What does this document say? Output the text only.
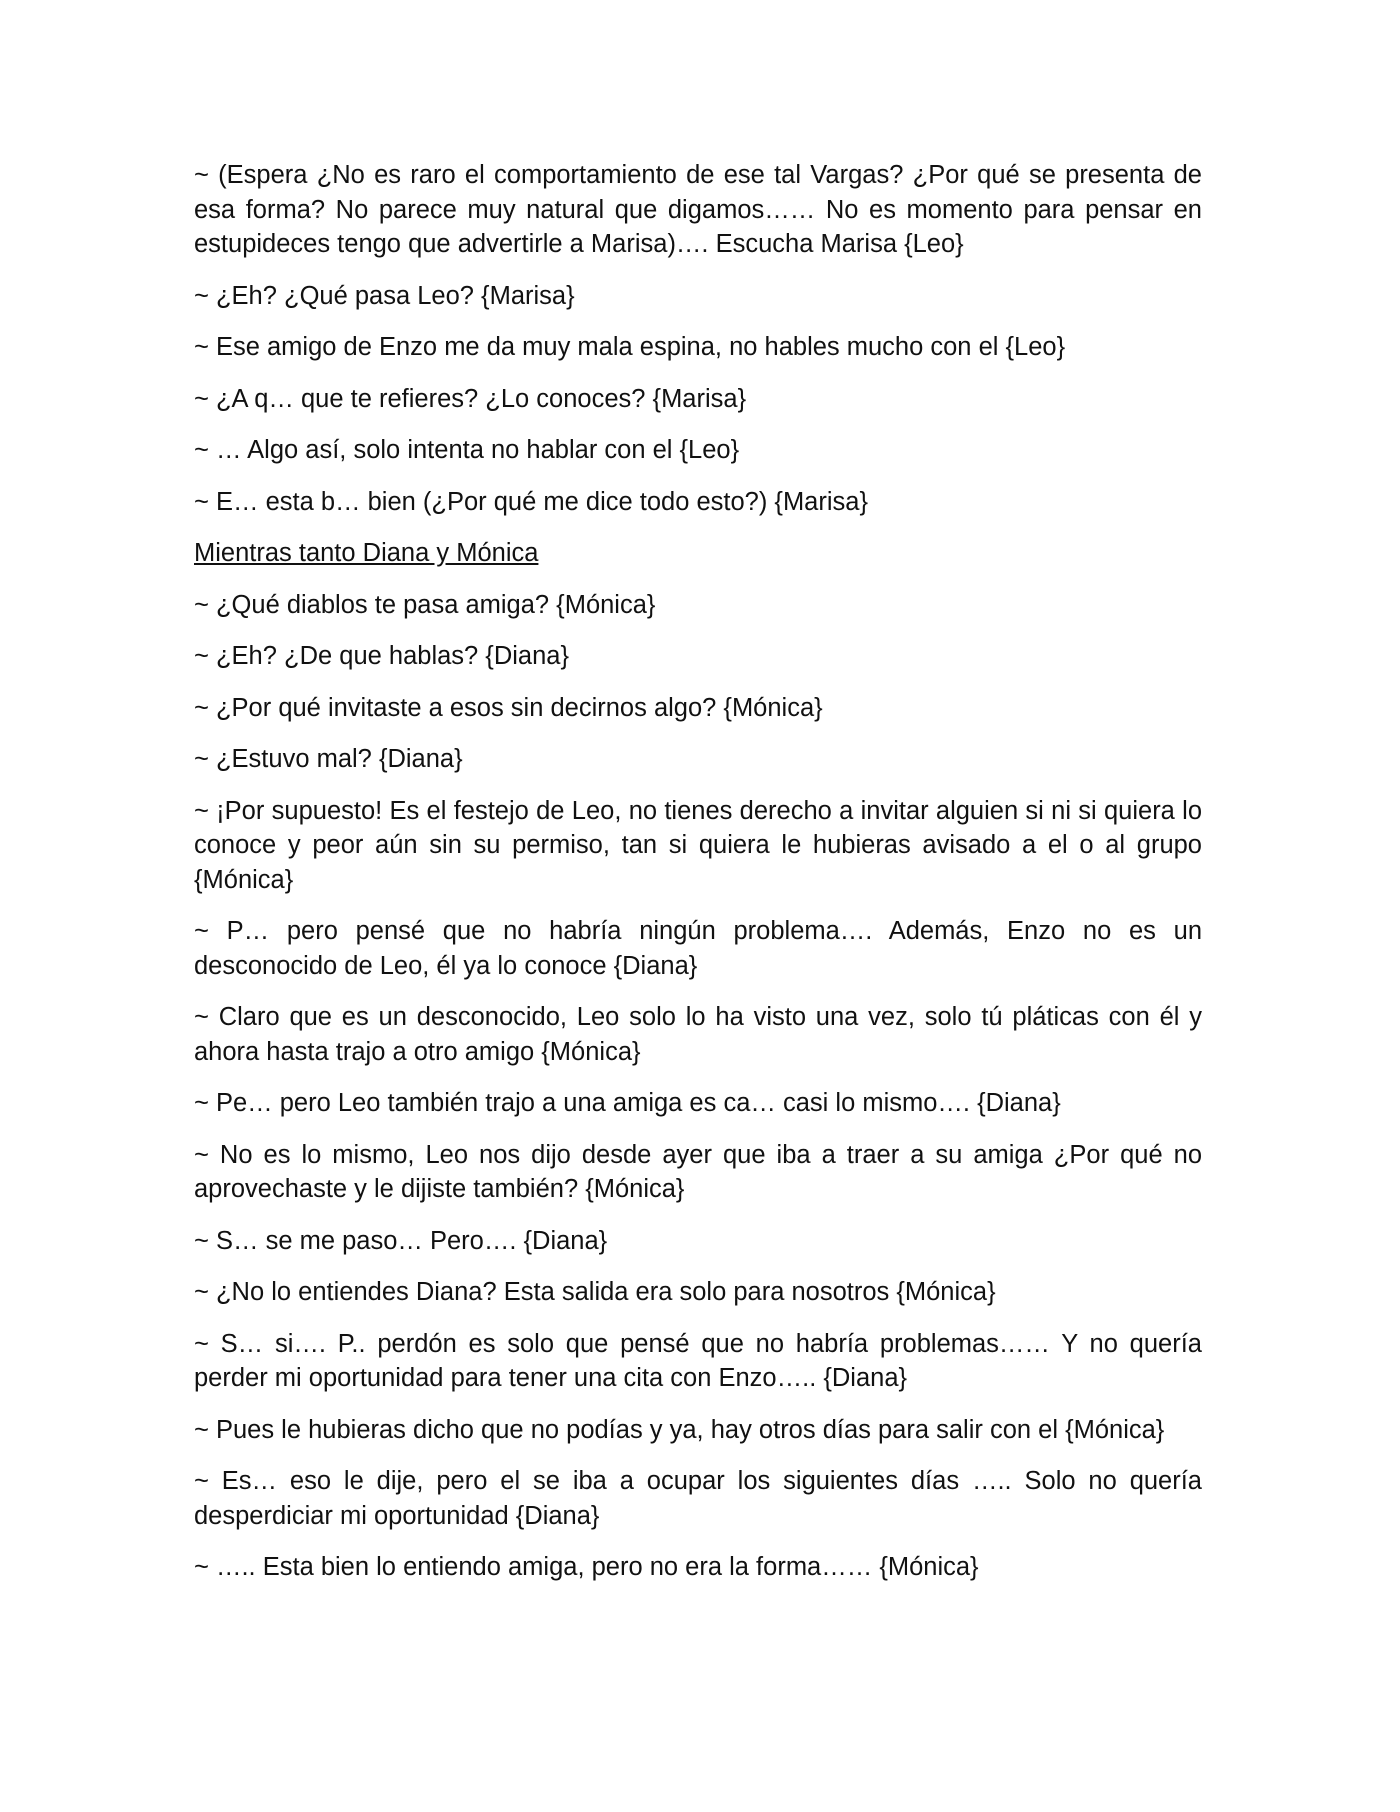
~ (Espera ¿No es raro el comportamiento de ese tal Vargas? ¿Por qué se presenta de esa forma? No parece muy natural que digamos…… No es momento para pensar en estupideces tengo que advertirle a Marisa)…. Escucha Marisa {Leo}

~ ¿Eh? ¿Qué pasa Leo? {Marisa}

~ Ese amigo de Enzo me da muy mala espina, no hables mucho con el {Leo}

~ ¿A q… que te refieres? ¿Lo conoces? {Marisa}

~ … Algo así, solo intenta no hablar con el {Leo}

~ E… esta b… bien (¿Por qué me dice todo esto?) {Marisa}

Mientras tanto Diana y Mónica

~ ¿Qué diablos te pasa amiga? {Mónica}

~ ¿Eh? ¿De que hablas? {Diana}

~ ¿Por qué invitaste a esos sin decirnos algo? {Mónica}

~ ¿Estuvo mal? {Diana}

~ ¡Por supuesto! Es el festejo de Leo, no tienes derecho a invitar alguien si ni si quiera lo conoce y peor aún sin su permiso, tan si quiera le hubieras avisado a el o al grupo {Mónica}

~ P… pero pensé que no habría ningún problema…. Además, Enzo no es un desconocido de Leo, él ya lo conoce {Diana}

~ Claro que es un desconocido, Leo solo lo ha visto una vez, solo tú pláticas con él y ahora hasta trajo a otro amigo {Mónica}

~ Pe… pero Leo también trajo a una amiga es ca… casi lo mismo…. {Diana}

~ No es lo mismo, Leo nos dijo desde ayer que iba a traer a su amiga ¿Por qué no aprovechaste y le dijiste también? {Mónica}

~ S… se me paso… Pero…. {Diana}

~ ¿No lo entiendes Diana? Esta salida era solo para nosotros {Mónica}

~ S… si…. P.. perdón es solo que pensé que no habría problemas…… Y no quería perder mi oportunidad para tener una cita con Enzo….. {Diana}

~ Pues le hubieras dicho que no podías y ya, hay otros días para salir con el {Mónica}

~ Es… eso le dije, pero el se iba a ocupar los siguientes días ….. Solo no quería desperdiciar mi oportunidad {Diana}

~ ….. Esta bien lo entiendo amiga, pero no era la forma…… {Mónica}
